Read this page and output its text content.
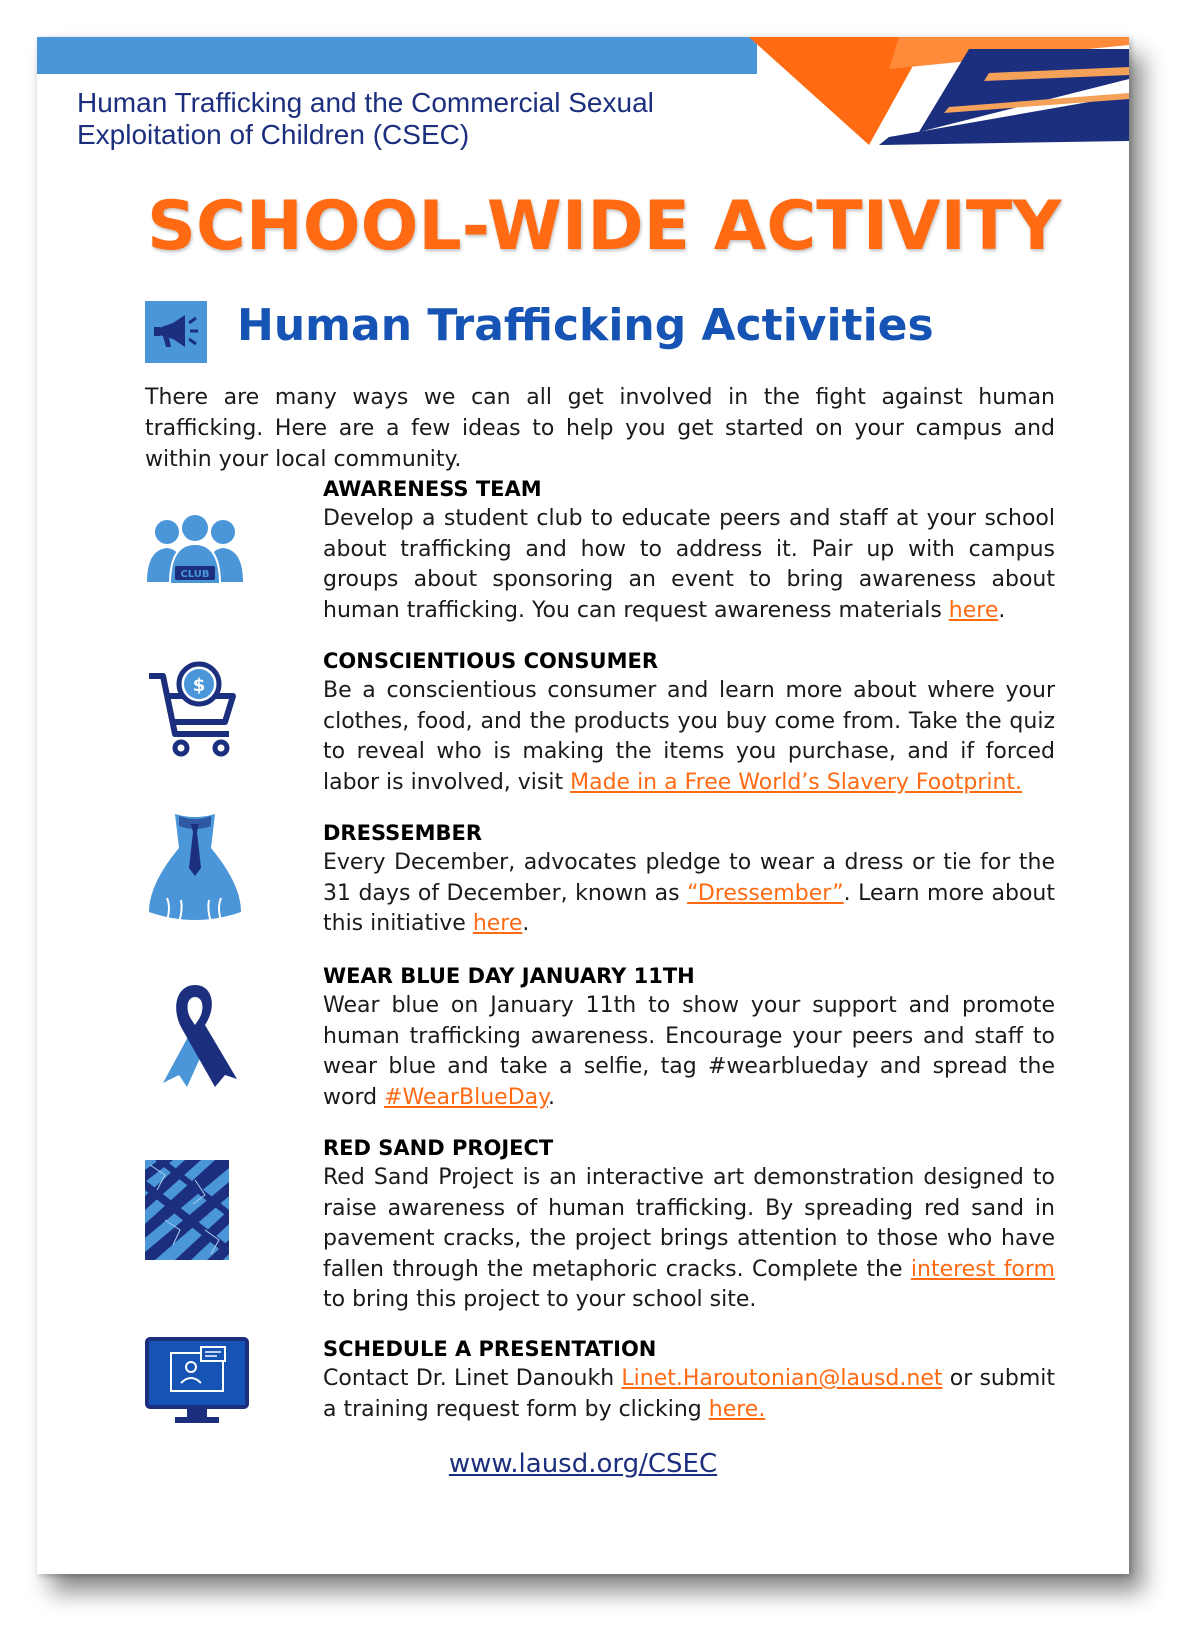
Human Trafficking and the Commercial Sexual Exploitation of Children (CSEC)
SCHOOL-WIDE ACTIVITY
Human Trafficking Activities
There are many ways we can all get involved in the fight against human trafficking. Here are a few ideas to help you get started on your campus and within your local community.
CLUB
AWARENESS TEAM

Develop a student club to educate peers and staff at your school about trafficking and how to address it. Pair up with campus groups about sponsoring an event to bring awareness about human trafficking. You can request awareness materials here.

$
CONSCIENTIOUS CONSUMER

Be a conscientious consumer and learn more about where your clothes, food, and the products you buy come from. Take the quiz to reveal who is making the items you purchase, and if forced labor is involved, visit Made in a Free World’s Slavery Footprint.

DRESSEMBER

Every December, advocates pledge to wear a dress or tie for the 31 days of December, known as “Dressember”. Learn more about this initiative here.

WEAR BLUE DAY JANUARY 11TH

Wear blue on January 11th to show your support and promote human trafficking awareness. Encourage your peers and staff to wear blue and take a selfie, tag #wearblueday and spread the word #WearBlueDay.

RED SAND PROJECT

Red Sand Project is an interactive art demonstration designed to raise awareness of human trafficking. By spreading red sand in pavement cracks, the project brings attention to those who have fallen through the metaphoric cracks. Complete the interest form to bring this project to your school site.

SCHEDULE A PRESENTATION

Contact Dr. Linet Danoukh Linet.Haroutonian@lausd.net or submit a training request form by clicking here.

www.lausd.org/CSEC
